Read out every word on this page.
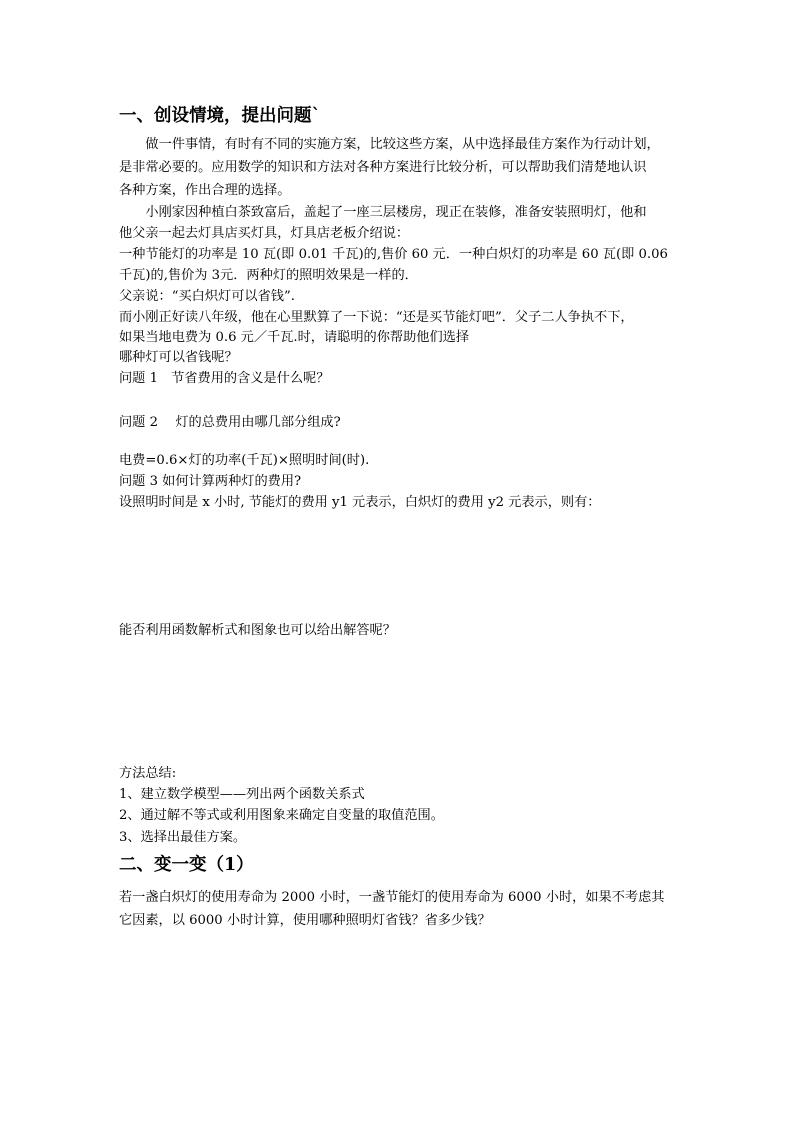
一、创设情境，提出问题`
做一件事情，有时有不同的实施方案，比较这些方案，从中选择最佳方案作为行动计划，
是非常必要的。应用数学的知识和方法对各种方案进行比较分析，可以帮助我们清楚地认识
各种方案，作出合理的选择。
小刚家因种植白茶致富后，盖起了一座三层楼房，现正在装修，准备安装照明灯，他和
他父亲一起去灯具店买灯具，灯具店老板介绍说：
一种节能灯的功率是 10 瓦(即 0.01 千瓦)的,售价 60 元．一种白炽灯的功率是 60 瓦(即 0.06
千瓦)的,售价为 3元．两种灯的照明效果是一样的．
父亲说：“买白炽灯可以省钱”.
而小刚正好读八年级，他在心里默算了一下说：“还是买节能灯吧”．父子二人争执不下，
如果当地电费为 0.6 元／千瓦.时，请聪明的你帮助他们选择
哪种灯可以省钱呢？
问题 1　节省费用的含义是什么呢？
问题 2　 灯的总费用由哪几部分组成?
电费=0.6×灯的功率(千瓦)×照明时间(时).
问题 3 如何计算两种灯的费用?
设照明时间是 x 小时, 节能灯的费用 y1 元表示，白炽灯的费用 y2 元表示，则有：
能否利用函数解析式和图象也可以给出解答呢？
方法总结:
1、建立数学模型——列出两个函数关系式
2、通过解不等式或利用图象来确定自变量的取值范围。
3、选择出最佳方案。
二、变一变（1）
若一盏白炽灯的使用寿命为 2000 小时，一盏节能灯的使用寿命为 6000 小时，如果不考虑其
它因素，以 6000 小时计算，使用哪种照明灯省钱？省多少钱？
